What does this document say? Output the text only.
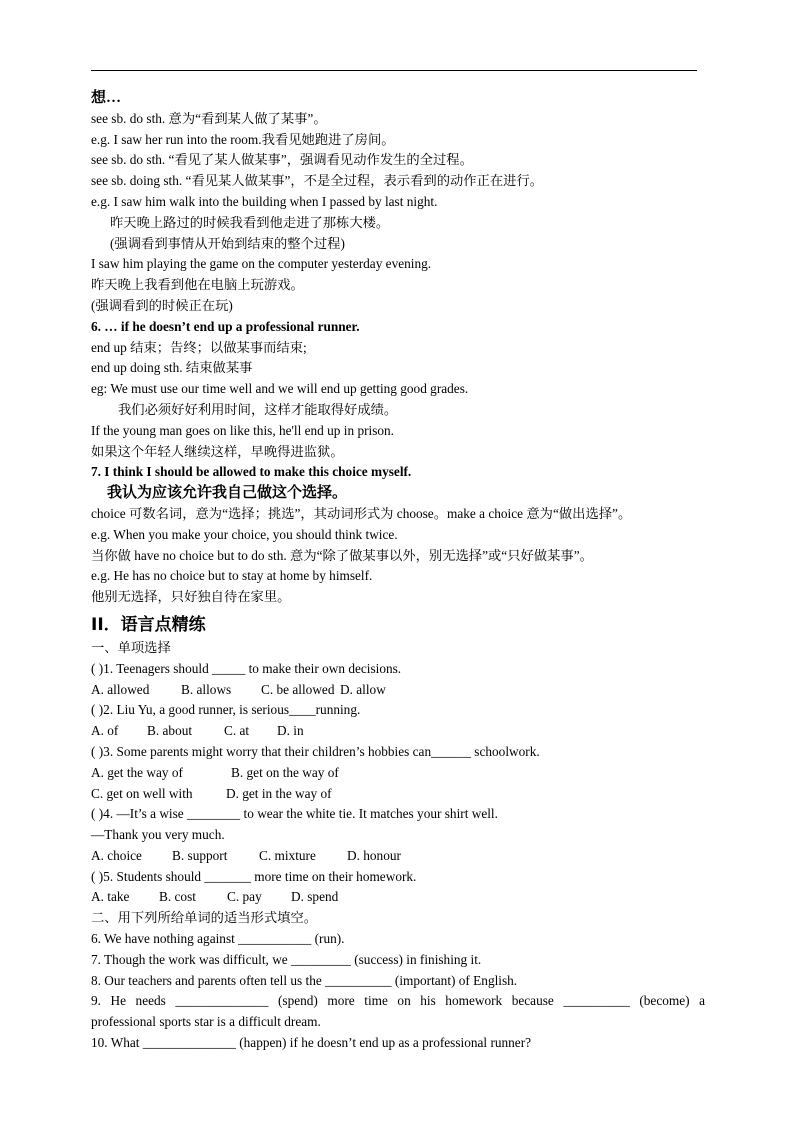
想…
see sb. do sth. 意为“看到某人做了某事”。
e.g. I saw her run into the room.我看见她跑进了房间。
see sb. do sth. “看见了某人做某事”，强调看见动作发生的全过程。
see sb. doing sth. “看见某人做某事”，不是全过程，表示看到的动作正在进行。
e.g. I saw him walk into the building when I passed by last night.
昨天晚上路过的时候我看到他走进了那栋大楼。
(强调看到事情从开始到结束的整个过程)
I saw him playing the game on the computer yesterday evening.
昨天晚上我看到他在电脑上玩游戏。
(强调看到的时候正在玩)
6. … if he doesn’t end up a professional runner.
end up 结束；告终；以做某事而结束;
end up doing sth. 结束做某事
eg: We must use our time well and we will end up getting good grades.
我们必须好好利用时间，这样才能取得好成绩。
If the young man goes on like this, he'll end up in prison.
如果这个年轻人继续这样，早晚得进监狱。
7. I think I should be allowed to make this choice myself.
我认为应该允许我自己做这个选择。
choice 可数名词，意为“选择；挑选”，其动词形式为 choose。make a choice 意为“做出选择”。
e.g. When you make your choice, you should think twice.
当你做 have no choice but to do sth. 意为“除了做某事以外，别无选择”或“只好做某事”。
e.g. He has no choice but to stay at home by himself.
他别无选择，只好独自待在家里。
II．语言点精练
一、单项选择
( )1. Teenagers should _____ to make their own decisions.
A. allowed B. allows C. be allowed D. allow
( )2. Liu Yu, a good runner, is serious____running.
A. of B. about C. at D. in
( )3. Some parents might worry that their children’s hobbies can______ schoolwork.
A. get the way of	B. get on the way of
C. get on well with	D. get in the way of
( )4. —It’s a wise ________ to wear the white tie. It matches your shirt well.
—Thank you very much.
A. choice B. support C. mixture D. honour
( )5. Students should _______ more time on their homework.
A. take B. cost C. pay D. spend
二、用下列所给单词的适当形式填空。
6. We have nothing against ___________ (run).
7. Though the work was difficult, we _________ (success) in finishing it.
8. Our teachers and parents often tell us the __________ (important) of English.
9. He needs ______________ (spend) more time on his homework because __________ (become) a
professional sports star is a difficult dream.
10. What ______________ (happen) if he doesn’t end up as a professional runner?
